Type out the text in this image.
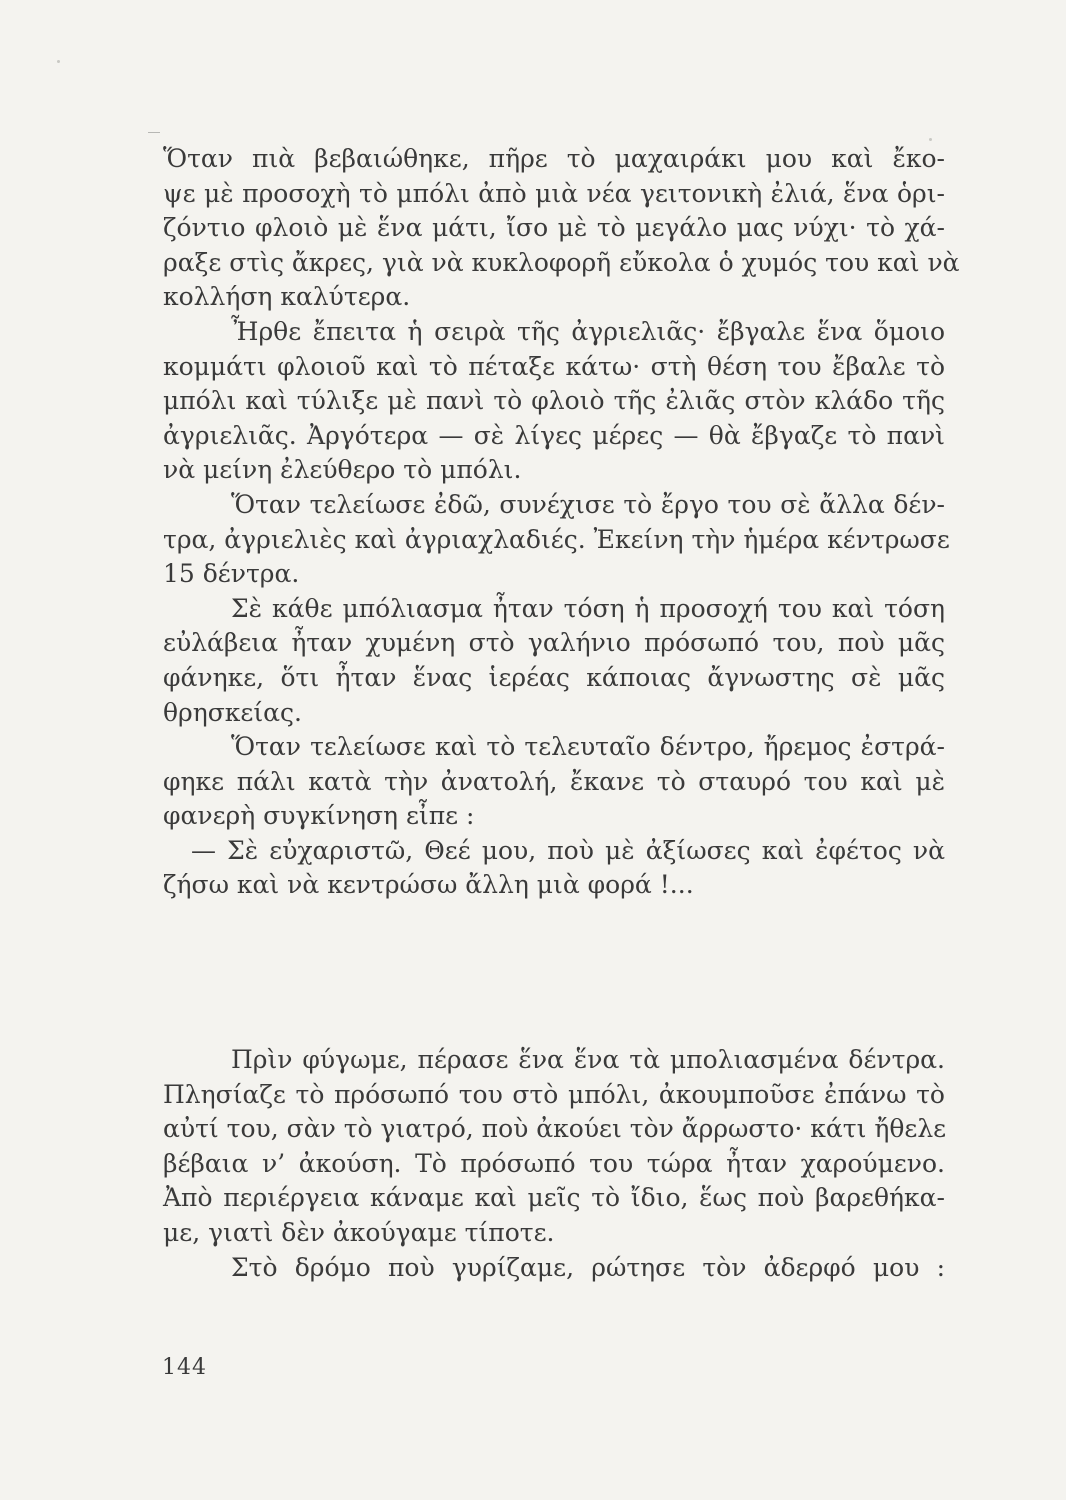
Ὅταν πιὰ βεβαιώθηκε, πῆρε τὸ μαχαιράκι μου καὶ ἔκο-
ψε μὲ προσοχὴ τὸ μπόλι ἀπὸ μιὰ νέα γειτονικὴ ἐλιά, ἕνα ὁρι-
ζόντιο φλοιὸ μὲ ἕνα μάτι, ἴσο μὲ τὸ μεγάλο μας νύχι· τὸ χά-
ραξε στὶς ἄκρες, γιὰ νὰ κυκλοφορῆ εὔκολα ὁ χυμός του καὶ νὰ
κολλήση καλύτερα.
Ἦρθε ἔπειτα ἡ σειρὰ τῆς ἀγριελιᾶς· ἔβγαλε ἕνα ὅμοιο
κομμάτι φλοιοῦ καὶ τὸ πέταξε κάτω· στὴ θέση του ἔβαλε τὸ
μπόλι καὶ τύλιξε μὲ πανὶ τὸ φλοιὸ τῆς ἐλιᾶς στὸν κλάδο τῆς
ἀγριελιᾶς. Ἀργότερα — σὲ λίγες μέρες — θὰ ἔβγαζε τὸ πανὶ
νὰ μείνη ἐλεύθερο τὸ μπόλι.
Ὅταν τελείωσε ἐδῶ, συνέχισε τὸ ἔργο του σὲ ἄλλα δέν-
τρα, ἀγριελιὲς καὶ ἀγριαχλαδιές. Ἐκείνη τὴν ἡμέρα κέντρωσε
15 δέντρα.
Σὲ κάθε μπόλιασμα ἦταν τόση ἡ προσοχή του καὶ τόση
εὐλάβεια ἦταν χυμένη στὸ γαλήνιο πρόσωπό του, ποὺ μᾶς
φάνηκε, ὅτι ἦταν ἕνας ἱερέας κάποιας ἄγνωστης σὲ μᾶς
θρησκείας.
Ὅταν τελείωσε καὶ τὸ τελευταῖο δέντρο, ἤρεμος ἐστρά-
φηκε πάλι κατὰ τὴν ἀνατολή, ἔκανε τὸ σταυρό του καὶ μὲ
φανερὴ συγκίνηση εἶπε :
— Σὲ εὐχαριστῶ, Θεέ μου, ποὺ μὲ ἀξίωσες καὶ ἐφέτος νὰ
ζήσω καὶ νὰ κεντρώσω ἄλλη μιὰ φορά !...
Πρὶν φύγωμε, πέρασε ἕνα ἕνα τὰ μπολιασμένα δέντρα.
Πλησίαζε τὸ πρόσωπό του στὸ μπόλι, ἀκουμποῦσε ἐπάνω τὸ
αὐτί του, σὰν τὸ γιατρό, ποὺ ἀκούει τὸν ἄρρωστο· κάτι ἤθελε
βέβαια ν’ ἀκούση. Τὸ πρόσωπό του τώρα ἦταν χαρούμενο.
Ἀπὸ περιέργεια κάναμε καὶ μεῖς τὸ ἴδιο, ἕως ποὺ βαρεθήκα-
με, γιατὶ δὲν ἀκούγαμε τίποτε.
Στὸ δρόμο ποὺ γυρίζαμε, ρώτησε τὸν ἀδερφό μου :
144
